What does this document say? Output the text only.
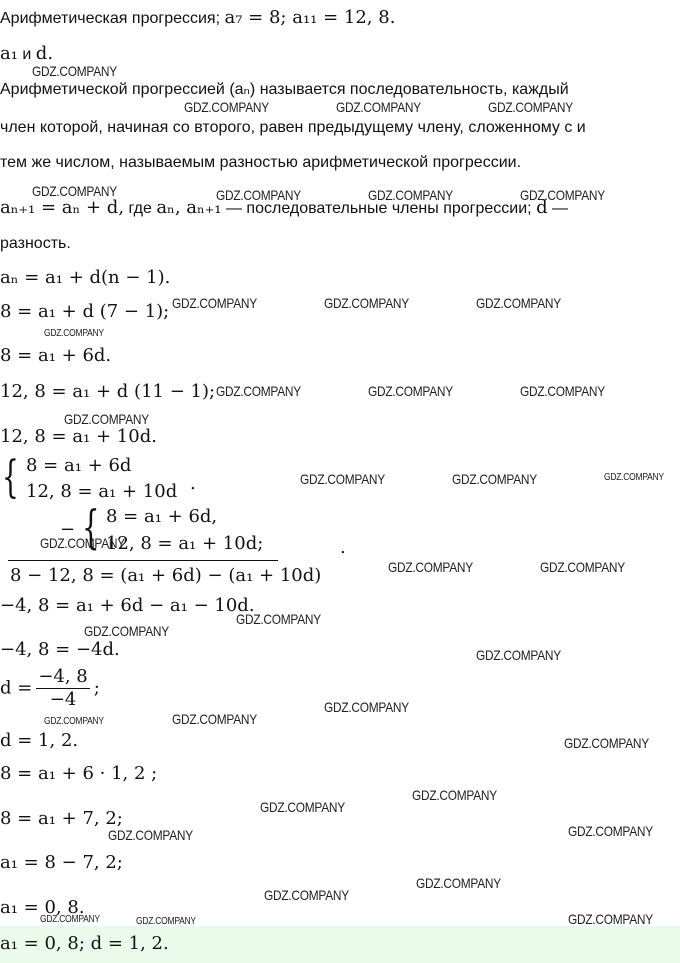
Арифметическая прогрессия; a₇ = 8; a₁₁ = 12, 8.
a₁ и d.
Арифметической прогрессией (aₙ) называется последовательность, каждый
член которой, начиная со второго, равен предыдущему члену, сложенному с и
тем же числом, называемым разностью арифметической прогрессии.
aₙ₊₁ = aₙ + d, где aₙ, aₙ₊₁ — последовательные члены прогрессии; d —
разность.
aₙ = a₁ + d(n − 1).
8 = a₁ + d (7 − 1);
8 = a₁ + 6d.
12, 8 = a₁ + d (11 − 1);
12, 8 = a₁ + 10d.
{ 8 = a₁ + 6d
12, 8 = a₁ + 10d .
− { 8 = a₁ + 6d,
12, 8 = a₁ + 10d;	.
8 − 12, 8 = (a₁ + 6d) − (a₁ + 10d)
−4, 8 = a₁ + 6d − a₁ − 10d.
−4, 8 = −4d.
$d = \frac{-4, 8}{-4}$ ;
d = 1, 2.
8 = a₁ + 6 · 1, 2 ;
8 = a₁ + 7, 2;
a₁ = 8 − 7, 2;
a₁ = 0, 8.
a₁ = 0, 8; d = 1, 2.
GDZ.COMPANY
GDZ.COMPANY	GDZ.COMPANY	GDZ.COMPANY
GDZ.COMPANY	GDZ.COMPANY	GDZ.COMPANY	GDZ.COMPANY
GDZ.COMPANY	GDZ.COMPANY	GDZ.COMPANY
GDZ.COMPANY
GDZ.COMPANY	GDZ.COMPANY	GDZ.COMPANY
GDZ.COMPANY
GDZ.COMPANY	GDZ.COMPANY	GDZ.COMPANY
GDZ.COMPANY
GDZ.COMPANY	GDZ.COMPANY
GDZ.COMPANY
GDZ.COMPANY
GDZ.COMPANY
GDZ.COMPANY
GDZ.COMPANY	GDZ.COMPANY
GDZ.COMPANY
GDZ.COMPANY
GDZ.COMPANY
GDZ.COMPANY	GDZ.COMPANY
GDZ.COMPANY
GDZ.COMPANY
GDZ.COMPANY	GDZ.COMPANY	GDZ.COMPANY
